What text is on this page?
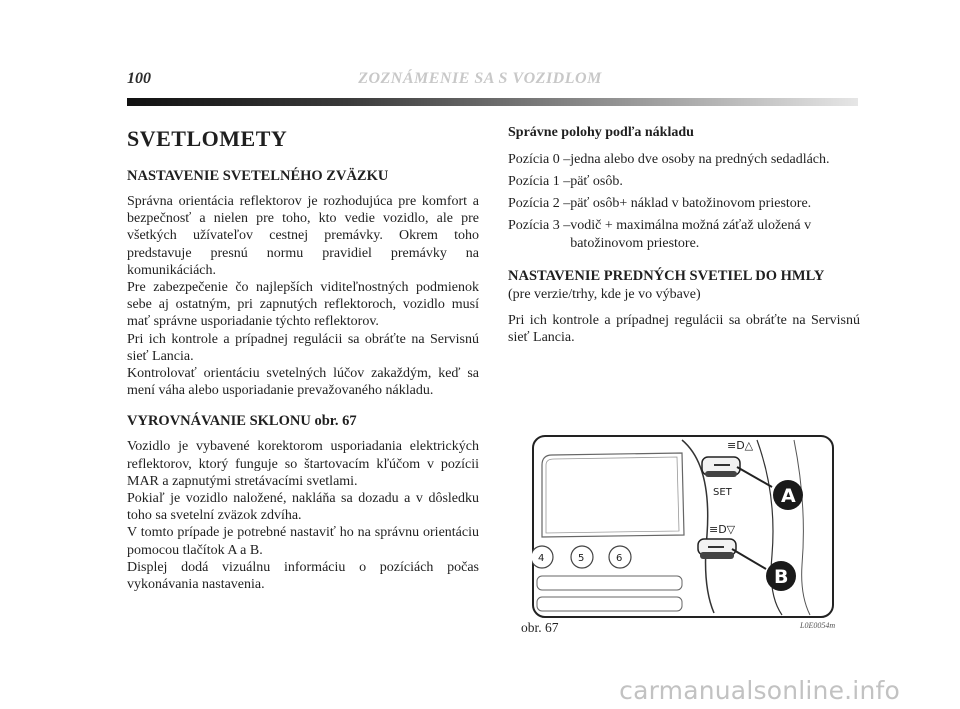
100	ZOZNÁMENIE SA S VOZIDLOM
SVETLOMETY
NASTAVENIE SVETELNÉHO ZVÄZKU

Správna orientácia reflektorov je rozhodujúca pre komfort a bezpečnosť a nielen pre toho, kto vedie vozidlo, ale pre všetkých užívateľov cestnej premávky. Okrem toho predstavuje presnú normu pravidiel premávky na komunikáciách.

Pre zabezpečenie čo najlepších viditeľnostných podmienok sebe aj ostatným, pri zapnutých reflektoroch, vozidlo musí mať správne usporiadanie týchto reflektorov.

Pri ich kontrole a prípadnej regulácii sa obráťte na Servisnú sieť Lancia.

Kontrolovať orientáciu svetelných lúčov zakaždým, keď sa mení váha alebo usporiadanie prevažovaného nákladu.

VYROVNÁVANIE SKLONU obr. 67

Vozidlo je vybavené korektorom usporiadania elektrických reflektorov, ktorý funguje so štartovacím kľúčom v pozícii MAR a zapnutými stretávacími svetlami.

Pokiaľ je vozidlo naložené, nakláňa sa dozadu a v dôsledku toho sa svetelní zväzok zdvíha.

V tomto prípade je potrebné nastaviť ho na správnu orientáciu pomocou tlačítok A a B.

Displej dodá vizuálnu informáciu o pozíciách počas vykonávania nastavenia.

Správne polohy podľa nákladu
Pozícia 0 – jedna alebo dve osoby na predných sedadlách.
Pozícia 1 – päť osôb.
Pozícia 2 – päť osôb+ náklad v batožinovom priestore.
Pozícia 3 – vodič + maximálna možná záťaž uložená v batožinovom priestore.
NASTAVENIE PREDNÝCH SVETIEL DO HMLY
(pre verzie/trhy, kde je vo výbave)

Pri ich kontrole a prípadnej regulácii sa obráťte na Servisnú sieť Lancia.

≡D△
SET
≡D▽
4	5	6
A
B
obr. 67	L0E0054m
carmanualsonline.info
